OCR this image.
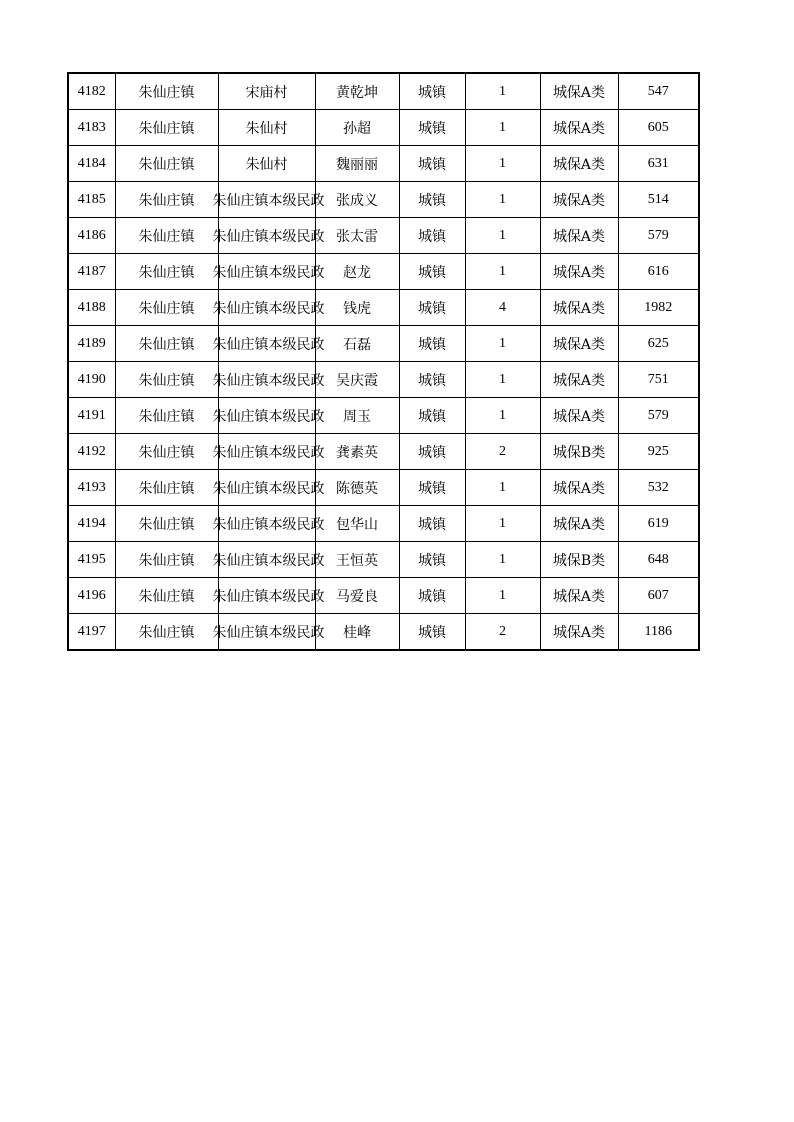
4182	朱仙庄镇	宋庙村	黄乾坤	城镇	1	城保A类	547
4183	朱仙庄镇	朱仙村	孙超	城镇	1	城保A类	605
4184	朱仙庄镇	朱仙村	魏丽丽	城镇	1	城保A类	631
4185	朱仙庄镇	朱仙庄镇本级民政	张成义	城镇	1	城保A类	514
4186	朱仙庄镇	朱仙庄镇本级民政	张太雷	城镇	1	城保A类	579
4187	朱仙庄镇	朱仙庄镇本级民政	赵龙	城镇	1	城保A类	616
4188	朱仙庄镇	朱仙庄镇本级民政	钱虎	城镇	4	城保A类	1982
4189	朱仙庄镇	朱仙庄镇本级民政	石磊	城镇	1	城保A类	625
4190	朱仙庄镇	朱仙庄镇本级民政	吴庆霞	城镇	1	城保A类	751
4191	朱仙庄镇	朱仙庄镇本级民政	周玉	城镇	1	城保A类	579
4192	朱仙庄镇	朱仙庄镇本级民政	龚素英	城镇	2	城保B类	925
4193	朱仙庄镇	朱仙庄镇本级民政	陈德英	城镇	1	城保A类	532
4194	朱仙庄镇	朱仙庄镇本级民政	包华山	城镇	1	城保A类	619
4195	朱仙庄镇	朱仙庄镇本级民政	王恒英	城镇	1	城保B类	648
4196	朱仙庄镇	朱仙庄镇本级民政	马爱良	城镇	1	城保A类	607
4197	朱仙庄镇	朱仙庄镇本级民政	桂峰	城镇	2	城保A类	1186
